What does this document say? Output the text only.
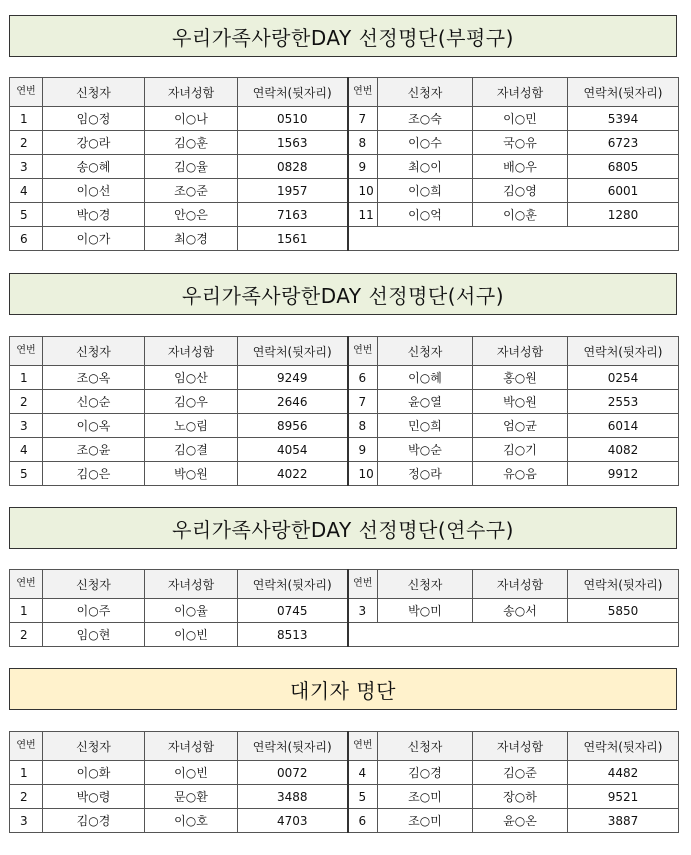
우리가족사랑한DAY 선정명단(부평구)
연번	신청자	자녀성함	연락처(뒷자리)	연번	신청자	자녀성함	연락처(뒷자리)
1	임○정	이○나	0510	7	조○숙	이○민	5394
2	강○라	김○훈	1563	8	이○수	국○유	6723
3	송○혜	김○율	0828	9	최○이	배○우	6805
4	이○선	조○준	1957	10	이○희	김○영	6001
5	박○경	안○은	7163	11	이○억	이○훈	1280
6	이○가	최○경	1561				
우리가족사랑한DAY 선정명단(서구)
연번	신청자	자녀성함	연락처(뒷자리)	연번	신청자	자녀성함	연락처(뒷자리)
1	조○옥	임○산	9249	6	이○혜	홍○원	0254
2	신○순	김○우	2646	7	윤○열	박○원	2553
3	이○옥	노○림	8956	8	민○희	엄○균	6014
4	조○윤	김○결	4054	9	박○순	김○기	4082
5	김○은	박○원	4022	10	정○라	유○음	9912
우리가족사랑한DAY 선정명단(연수구)
연번	신청자	자녀성함	연락처(뒷자리)	연번	신청자	자녀성함	연락처(뒷자리)
1	이○주	이○율	0745	3	박○미	송○서	5850
2	임○현	이○빈	8513				
대기자 명단
연번	신청자	자녀성함	연락처(뒷자리)	연번	신청자	자녀성함	연락처(뒷자리)
1	이○화	이○빈	0072	4	김○경	김○준	4482
2	박○령	문○환	3488	5	조○미	장○하	9521
3	김○경	이○호	4703	6	조○미	윤○온	3887
